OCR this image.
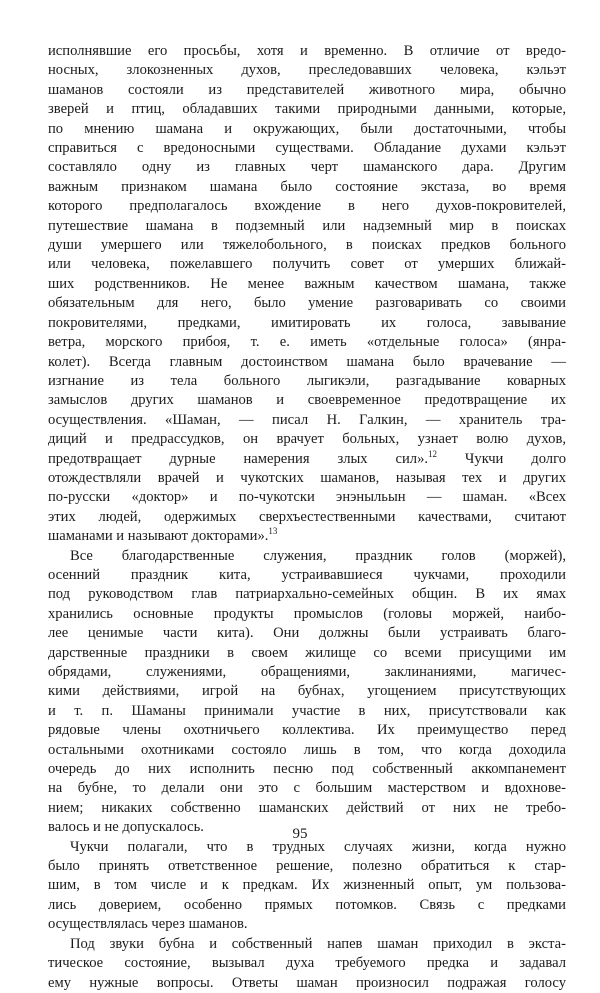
исполнявшие его просьбы, хотя и временно. В отличие от вредо-
носных, злокозненных духов, преследовавших человека, кэльэт
шаманов состояли из представителей животного мира, обычно
зверей и птиц, обладавших такими природными данными, которые,
по мнению шамана и окружающих, были достаточными, чтобы
справиться с вредоносными существами. Обладание духами кэльэт
составляло одну из главных черт шаманского дара. Другим
важным признаком шамана было состояние экстаза, во время
которого предполагалось вхождение в него духов-покровителей,
путешествие шамана в подземный или надземный мир в поисках
души умершего или тяжелобольного, в поисках предков больного
или человека, пожелавшего получить совет от умерших ближай-
ших родственников. Не менее важным качеством шамана, также
обязательным для него, было умение разговаривать со своими
покровителями, предками, имитировать их голоса, завывание
ветра, морского прибоя, т. е. иметь «отдельные голоса» (янра-
колет). Всегда главным достоинством шамана было врачевание —
изгнание из тела больного лыгикэли, разгадывание коварных
замыслов других шаманов и своевременное предотвращение их
осуществления. «Шаман, — писал Н. Галкин, — хранитель тра-
диций и предрассудков, он врачует больных, узнает волю духов,
предотвращает дурные намерения злых сил».$^{12}$ Чукчи долго
отождествляли врачей и чукотских шаманов, называя тех и других
по-русски «доктор» и по-чукотски энэныльын — шаман. «Всех
этих людей, одержимых сверхъестественными качествами, считают
шаманами и называют докторами».$^{13}$

Все благодарственные служения, праздник голов (моржей),
осенний праздник кита, устраивавшиеся чукчами, проходили
под руководством глав патриархально-семейных общин. В их ямах
хранились основные продукты промыслов (головы моржей, наибо-
лее ценимые части кита). Они должны были устраивать благо-
дарственные праздники в своем жилище со всеми присущими им
обрядами, служениями, обращениями, заклинаниями, магичес-
кими действиями, игрой на бубнах, угощением присутствующих
и т. п. Шаманы принимали участие в них, присутствовали как
рядовые члены охотничьего коллектива. Их преимущество перед
остальными охотниками состояло лишь в том, что когда доходила
очередь до них исполнить песню под собственный аккомпанемент
на бубне, то делали они это с большим мастерством и вдохнове-
нием; никаких собственно шаманских действий от них не требо-
валось и не допускалось.

Чукчи полагали, что в трудных случаях жизни, когда нужно
было принять ответственное решение, полезно обратиться к стар-
шим, в том числе и к предкам. Их жизненный опыт, ум пользова-
лись доверием, особенно прямых потомков. Связь с предками
осуществлялась через шаманов.

Под звуки бубна и собственный напев шаман приходил в экста-
тическое состояние, вызывал духа требуемого предка и задавал
ему нужные вопросы. Ответы шаман произносил подражая голосу

95
